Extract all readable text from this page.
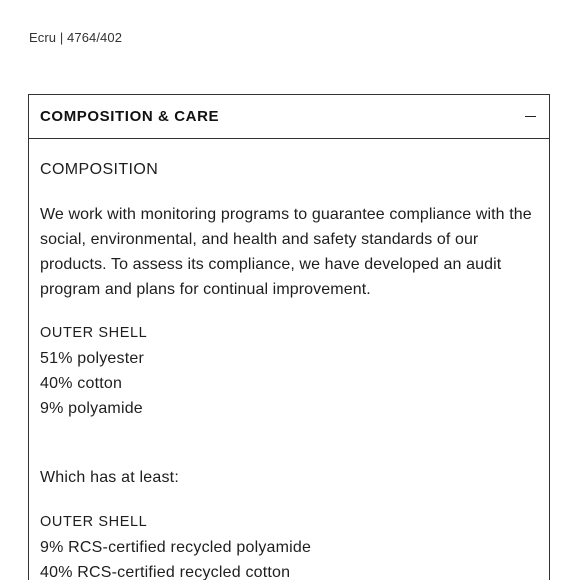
Ecru | 4764/402
COMPOSITION & CARE

COMPOSITION

We work with monitoring programs to guarantee compliance with the social, environmental, and health and safety standards of our products. To assess its compliance, we have developed an audit program and plans for continual improvement.

OUTER SHELL

51% polyester

40% cotton

9% polyamide

Which has at least:

OUTER SHELL

9% RCS-certified recycled polyamide

40% RCS-certified recycled cotton
